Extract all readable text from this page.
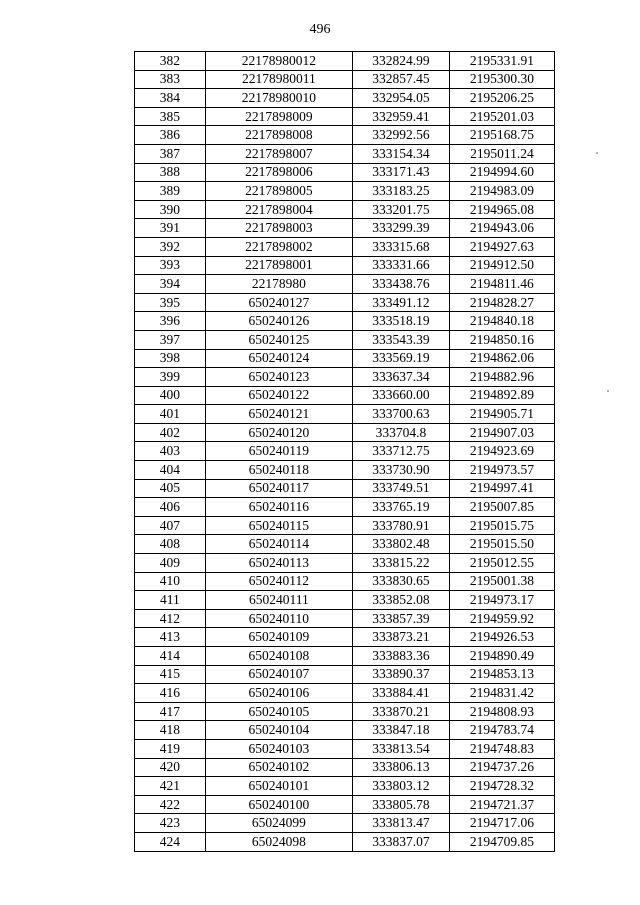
496
382	22178980012	332824.99	2195331.91
383	22178980011	332857.45	2195300.30
384	22178980010	332954.05	2195206.25
385	2217898009	332959.41	2195201.03
386	2217898008	332992.56	2195168.75
387	2217898007	333154.34	2195011.24
388	2217898006	333171.43	2194994.60
389	2217898005	333183.25	2194983.09
390	2217898004	333201.75	2194965.08
391	2217898003	333299.39	2194943.06
392	2217898002	333315.68	2194927.63
393	2217898001	333331.66	2194912.50
394	22178980	333438.76	2194811.46
395	650240127	333491.12	2194828.27
396	650240126	333518.19	2194840.18
397	650240125	333543.39	2194850.16
398	650240124	333569.19	2194862.06
399	650240123	333637.34	2194882.96
400	650240122	333660.00	2194892.89
401	650240121	333700.63	2194905.71
402	650240120	333704.8	2194907.03
403	650240119	333712.75	2194923.69
404	650240118	333730.90	2194973.57
405	650240117	333749.51	2194997.41
406	650240116	333765.19	2195007.85
407	650240115	333780.91	2195015.75
408	650240114	333802.48	2195015.50
409	650240113	333815.22	2195012.55
410	650240112	333830.65	2195001.38
411	650240111	333852.08	2194973.17
412	650240110	333857.39	2194959.92
413	650240109	333873.21	2194926.53
414	650240108	333883.36	2194890.49
415	650240107	333890.37	2194853.13
416	650240106	333884.41	2194831.42
417	650240105	333870.21	2194808.93
418	650240104	333847.18	2194783.74
419	650240103	333813.54	2194748.83
420	650240102	333806.13	2194737.26
421	650240101	333803.12	2194728.32
422	650240100	333805.78	2194721.37
423	65024099	333813.47	2194717.06
424	65024098	333837.07	2194709.85
